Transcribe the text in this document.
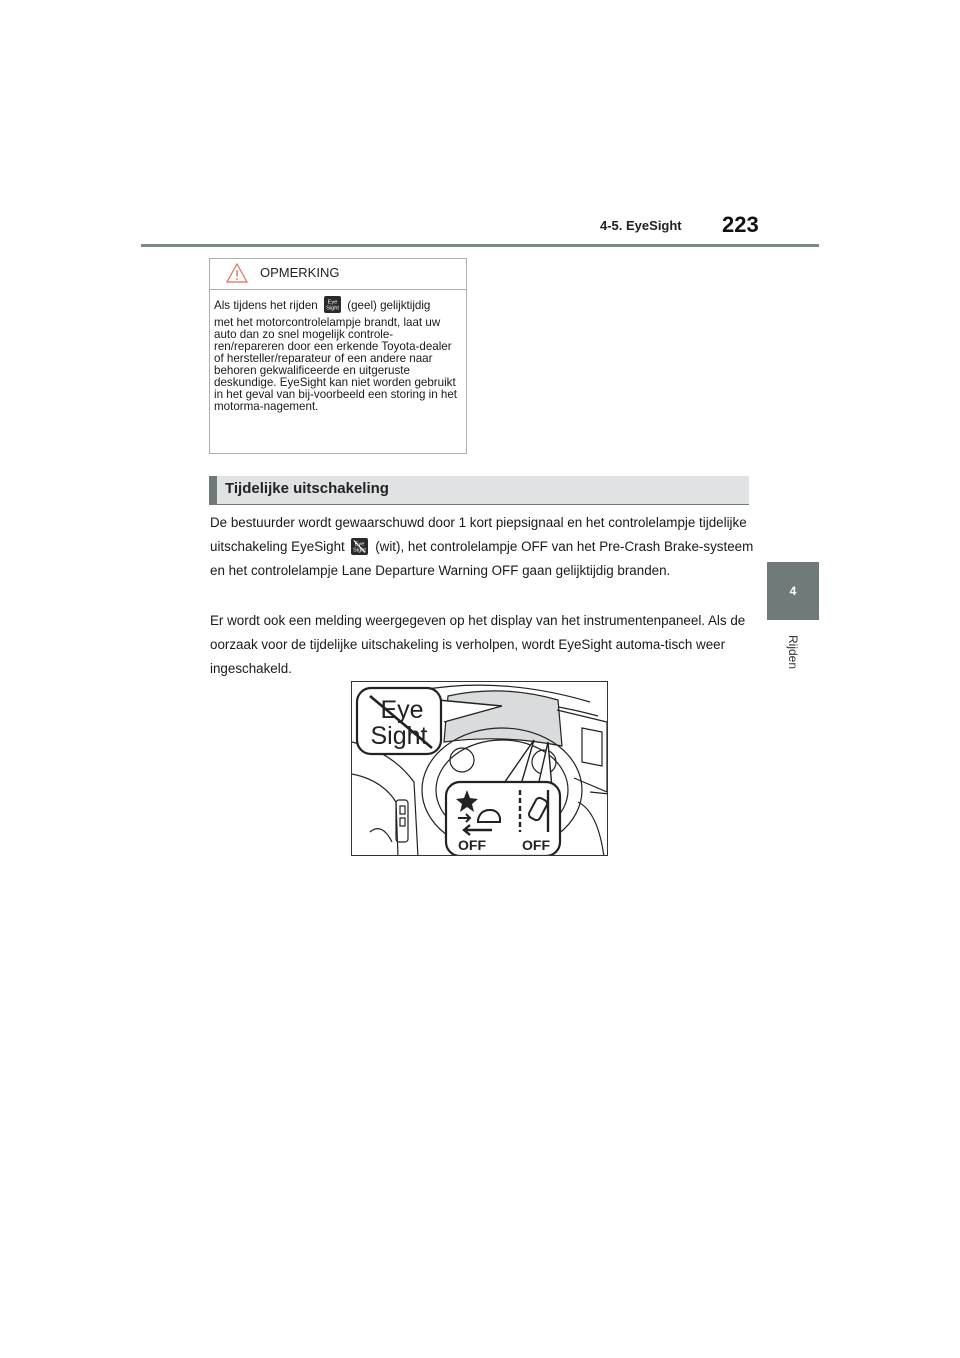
4-5. EyeSight 223
4
Rijden
OPMERKING
Als tijdens het rijden Eye
Sight (geel) gelijktijdig
met het motorcontrolelampje brandt, laat uw auto dan zo snel mogelijk controle-ren/repareren door een erkende Toyota-dealer of hersteller/reparateur of een andere naar behoren gekwalificeerde en uitgeruste deskundige. EyeSight kan niet worden gebruikt in het geval van bij-voorbeeld een storing in het motorma-nagement.
Tijdelijke uitschakeling
De bestuurder wordt gewaarschuwd door 1 kort piepsignaal en het controlelampje tijdelijke uitschakeling EyeSight Eye
Sight (wit), het controlelampje OFF van het Pre-Crash Brake-systeem en het controlelampje Lane Departure Warning OFF gaan gelijktijdig branden.
Er wordt ook een melding weergegeven op het display van het instrumentenpaneel. Als de oorzaak voor de tijdelijke uitschakeling is verholpen, wordt EyeSight automa-tisch weer ingeschakeld.
Eye
Sight
OFF	OFF
